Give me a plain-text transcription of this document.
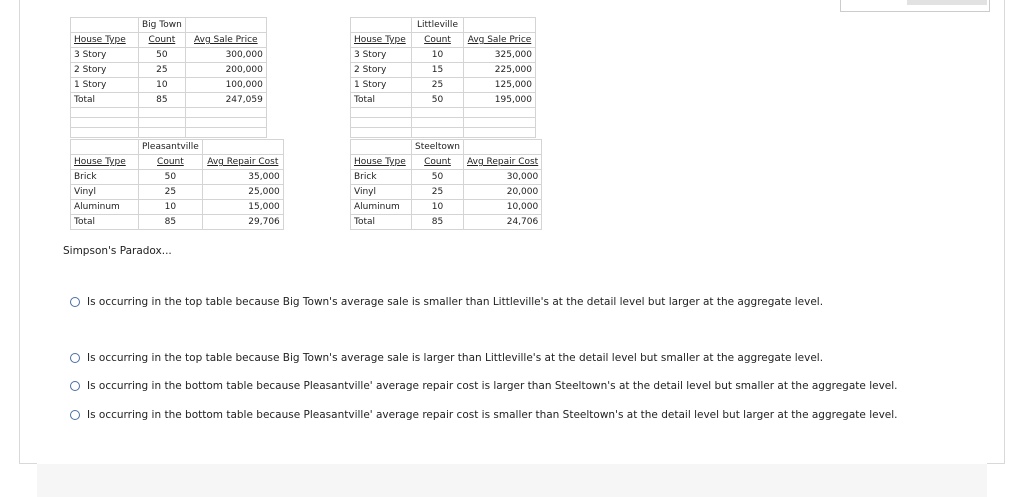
	Big Town	
House Type	Count	Avg Sale Price
3 Story	50	300,000
2 Story	25	200,000
1 Story	10	100,000
Total	85	247,059

	Littleville	
House Type	Count	Avg Sale Price
3 Story	10	325,000
2 Story	15	225,000
1 Story	25	125,000
Total	50	195,000

	Pleasantville	
House Type	Count	Avg Repair Cost
Brick	50	35,000
Vinyl	25	25,000
Aluminum	10	15,000
Total	85	29,706
	Steeltown	
House Type	Count	Avg Repair Cost
Brick	50	30,000
Vinyl	25	20,000
Aluminum	10	10,000
Total	85	24,706
Simpson's Paradox...
Is occurring in the top table because Big Town's average sale is smaller than Littleville's at the detail level but larger at the aggregate level.
Is occurring in the top table because Big Town's average sale is larger than Littleville's at the detail level but smaller at the aggregate level.
Is occurring in the bottom table because Pleasantville' average repair cost is larger than Steeltown's at the detail level but smaller at the aggregate level.
Is occurring in the bottom table because Pleasantville' average repair cost is smaller than Steeltown's at the detail level but larger at the aggregate level.
